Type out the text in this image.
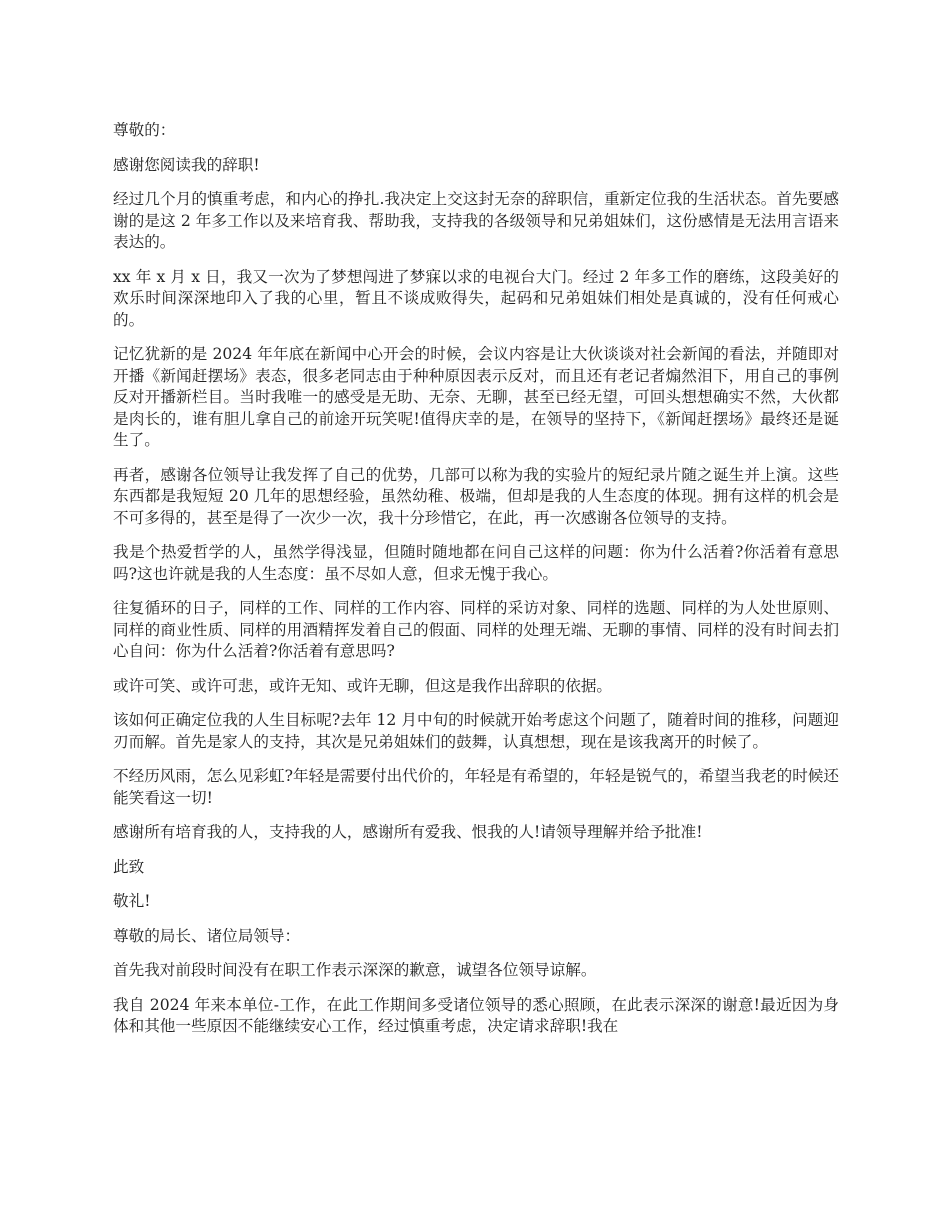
尊敬的：

感谢您阅读我的辞职!

经过几个月的慎重考虑，和内心的挣扎.我决定上交这封无奈的辞职信，重新定位我的生活状态。首先要感谢的是这 2 年多工作以及来培育我、帮助我，支持我的各级领导和兄弟姐妹们，这份感情是无法用言语来表达的。

xx 年 x 月 x 日，我又一次为了梦想闯进了梦寐以求的电视台大门。经过 2 年多工作的磨练，这段美好的欢乐时间深深地印入了我的心里，暂且不谈成败得失，起码和兄弟姐妹们相处是真诚的，没有任何戒心的。

记忆犹新的是 2024 年年底在新闻中心开会的时候，会议内容是让大伙谈谈对社会新闻的看法，并随即对开播《新闻赶摆场》表态，很多老同志由于种种原因表示反对，而且还有老记者煽然泪下，用自己的事例反对开播新栏目。当时我唯一的感受是无助、无奈、无聊，甚至已经无望，可回头想想确实不然，大伙都是肉长的，谁有胆儿拿自己的前途开玩笑呢!值得庆幸的是，在领导的坚持下，《新闻赶摆场》最终还是诞生了。

再者，感谢各位领导让我发挥了自己的优势，几部可以称为我的实验片的短纪录片随之诞生并上演。这些东西都是我短短 20 几年的思想经验，虽然幼稚、极端，但却是我的人生态度的体现。拥有这样的机会是不可多得的，甚至是得了一次少一次，我十分珍惜它，在此，再一次感谢各位领导的支持。

我是个热爱哲学的人，虽然学得浅显，但随时随地都在问自己这样的问题：你为什么活着?你活着有意思吗?这也许就是我的人生态度：虽不尽如人意，但求无愧于我心。

往复循环的日子，同样的工作、同样的工作内容、同样的采访对象、同样的选题、同样的为人处世原则、同样的商业性质、同样的用酒精挥发着自己的假面、同样的处理无端、无聊的事情、同样的没有时间去扪心自问：你为什么活着?你活着有意思吗?

或许可笑、或许可悲，或许无知、或许无聊，但这是我作出辞职的依据。

该如何正确定位我的人生目标呢?去年 12 月中旬的时候就开始考虑这个问题了，随着时间的推移，问题迎刃而解。首先是家人的支持，其次是兄弟姐妹们的鼓舞，认真想想，现在是该我离开的时候了。

不经历风雨，怎么见彩虹?年轻是需要付出代价的，年轻是有希望的，年轻是锐气的，希望当我老的时候还能笑看这一切!

感谢所有培育我的人，支持我的人，感谢所有爱我、恨我的人!请领导理解并给予批准!

此致

敬礼!

尊敬的局长、诸位局领导：

首先我对前段时间没有在职工作表示深深的歉意，诚望各位领导谅解。

我自 2024 年来本单位-工作，在此工作期间多受诸位领导的悉心照顾，在此表示深深的谢意!最近因为身体和其他一些原因不能继续安心工作，经过慎重考虑，决定请求辞职!我在
